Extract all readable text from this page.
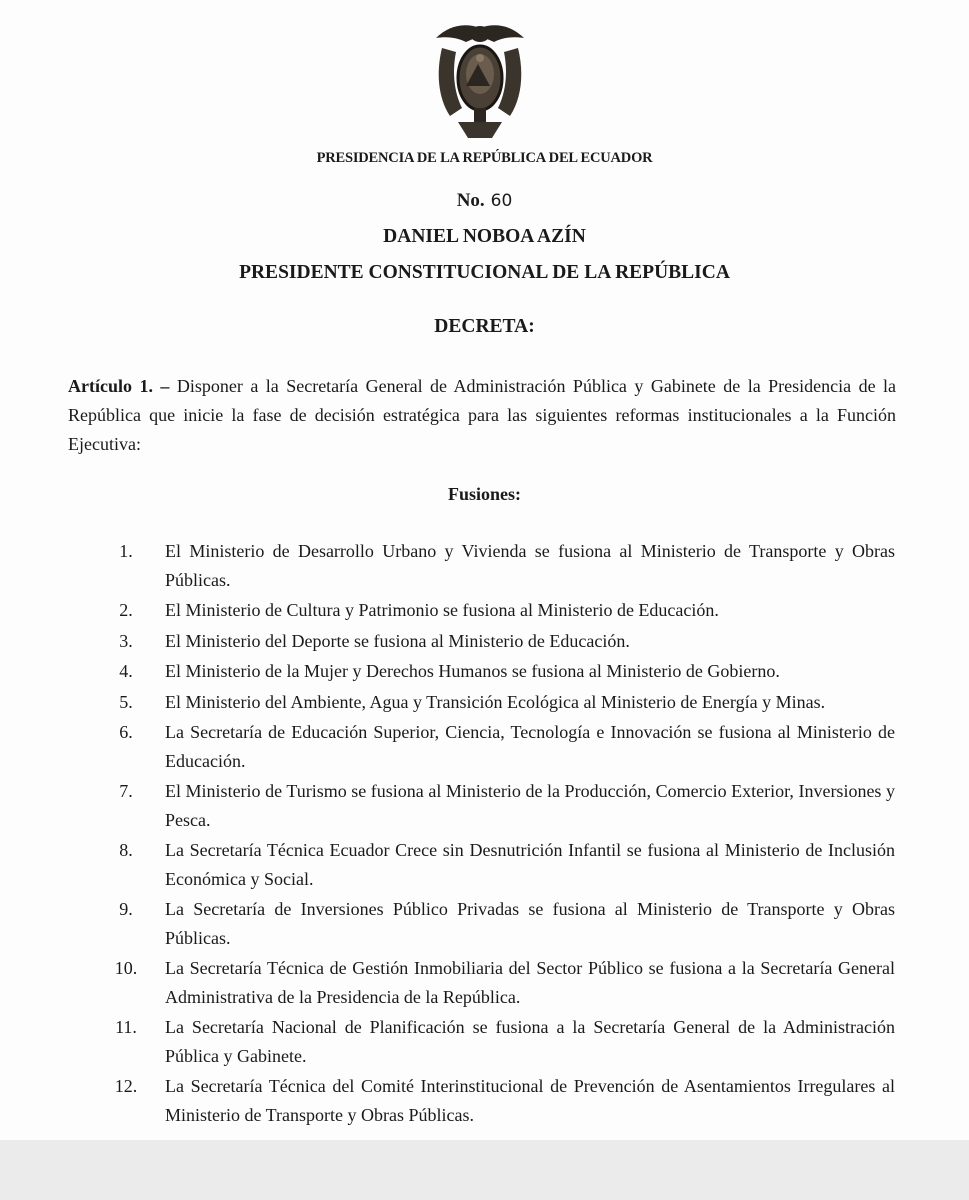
PRESIDENCIA DE LA REPÚBLICA DEL ECUADOR
No. 60
DANIEL NOBOA AZÍN
PRESIDENTE CONSTITUCIONAL DE LA REPÚBLICA
DECRETA:
Artículo 1. – Disponer a la Secretaría General de Administración Pública y Gabinete de la Presidencia de la República que inicie la fase de decisión estratégica para las siguientes reformas institucionales a la Función Ejecutiva:
Fusiones:
1.	El Ministerio de Desarrollo Urbano y Vivienda se fusiona al Ministerio de Transporte y Obras Públicas.
2.	El Ministerio de Cultura y Patrimonio se fusiona al Ministerio de Educación.
3.	El Ministerio del Deporte se fusiona al Ministerio de Educación.
4.	El Ministerio de la Mujer y Derechos Humanos se fusiona al Ministerio de Gobierno.
5.	El Ministerio del Ambiente, Agua y Transición Ecológica al Ministerio de Energía y Minas.
6.	La Secretaría de Educación Superior, Ciencia, Tecnología e Innovación se fusiona al Ministerio de Educación.
7.	El Ministerio de Turismo se fusiona al Ministerio de la Producción, Comercio Exterior, Inversiones y Pesca.
8.	La Secretaría Técnica Ecuador Crece sin Desnutrición Infantil se fusiona al Ministerio de Inclusión Económica y Social.
9.	La Secretaría de Inversiones Público Privadas se fusiona al Ministerio de Transporte y Obras Públicas.
10.	La Secretaría Técnica de Gestión Inmobiliaria del Sector Público se fusiona a la Secretaría General Administrativa de la Presidencia de la República.
11.	La Secretaría Nacional de Planificación se fusiona a la Secretaría General de la Administración Pública y Gabinete.
12.	La Secretaría Técnica del Comité Interinstitucional de Prevención de Asentamientos Irregulares al Ministerio de Transporte y Obras Públicas.
